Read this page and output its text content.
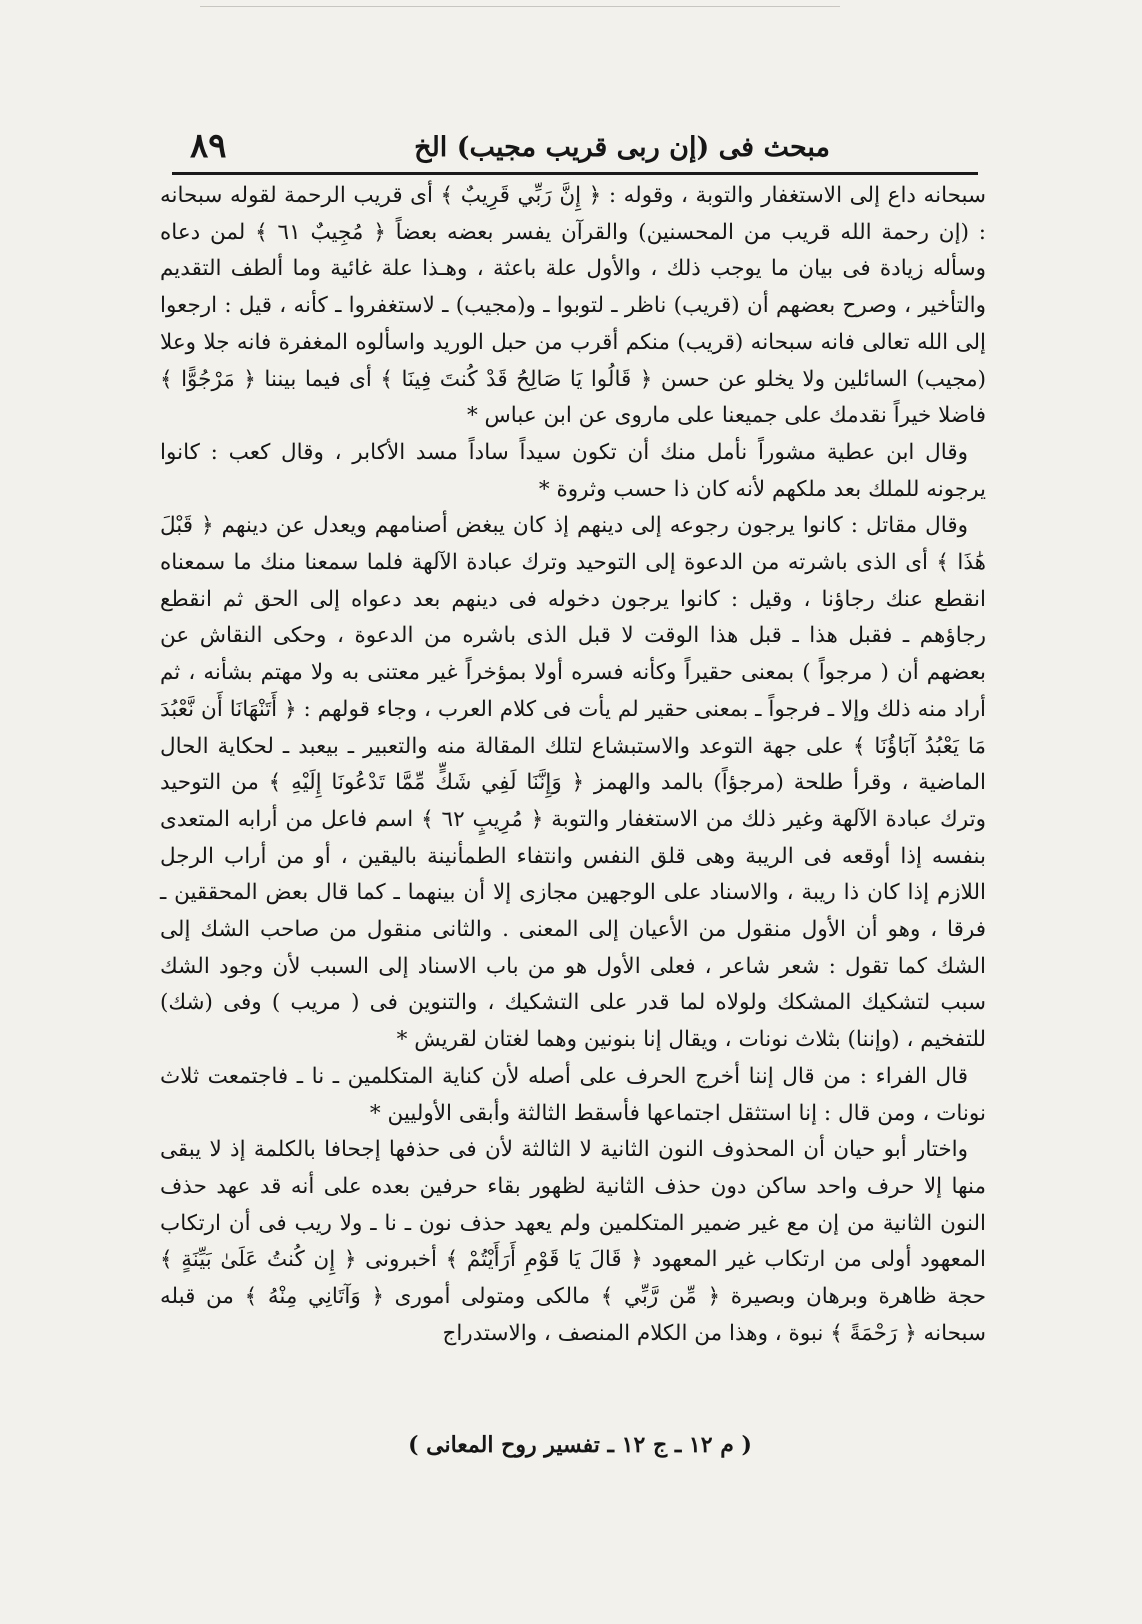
مبحث فى (إن ربى قريب مجيب) الخ
٨٩

سبحانه داع إلى الاستغفار والتوبة ، وقوله : ﴿ إِنَّ رَبِّي قَرِيبٌ ﴾ أى قريب الرحمة لقوله سبحانه : (إن رحمة الله قريب من المحسنين) والقرآن يفسر بعضه بعضاً ﴿ مُجِيبٌ ٦١ ﴾ لمن دعاه وسأله زيادة فى بيان ما يوجب ذلك ، والأول علة باعثة ، وهـذا علة غائية وما ألطف التقديم والتأخير ، وصرح بعضهم أن (قريب) ناظر ـ لتوبوا ـ و(مجيب) ـ لاستغفروا ـ كأنه ، قيل : ارجعوا إلى الله تعالى فانه سبحانه (قريب) منكم أقرب من حبل الوريد واسألوه المغفرة فانه جلا وعلا (مجيب) السائلين ولا يخلو عن حسن ﴿ قَالُوا يَا صَالِحُ قَدْ كُنتَ فِينَا ﴾ أى فيما بيننا ﴿ مَرْجُوًّا ﴾ فاضلا خيراً نقدمك على جميعنا على ماروى عن ابن عباس *

وقال ابن عطية مشوراً نأمل منك أن تكون سيداً ساداً مسد الأكابر ، وقال كعب : كانوا يرجونه للملك بعد ملكهم لأنه كان ذا حسب وثروة *

وقال مقاتل : كانوا يرجون رجوعه إلى دينهم إذ كان يبغض أصنامهم ويعدل عن دينهم ﴿ قَبْلَ هَٰذَا ﴾ أى الذى باشرته من الدعوة إلى التوحيد وترك عبادة الآلهة فلما سمعنا منك ما سمعناه انقطع عنك رجاؤنا ، وقيل : كانوا يرجون دخوله فى دينهم بعد دعواه إلى الحق ثم انقطع رجاؤهم ـ فقبل هذا ـ قبل هذا الوقت لا قبل الذى باشره من الدعوة ، وحكى النقاش عن بعضهم أن ( مرجواً ) بمعنى حقيراً وكأنه فسره أولا بمؤخراً غير معتنى به ولا مهتم بشأنه ، ثم أراد منه ذلك وإلا ـ فرجواً ـ بمعنى حقير لم يأت فى كلام العرب ، وجاء قولهم : ﴿ أَتَنْهَانَا أَن نَّعْبُدَ مَا يَعْبُدُ آبَاؤُنَا ﴾ على جهة التوعد والاستبشاع لتلك المقالة منه والتعبير ـ بيعبد ـ لحكاية الحال الماضية ، وقرأ طلحة (مرجؤاً) بالمد والهمز ﴿ وَإِنَّنَا لَفِي شَكٍّ مِّمَّا تَدْعُونَا إِلَيْهِ ﴾ من التوحيد وترك عبادة الآلهة وغير ذلك من الاستغفار والتوبة ﴿ مُرِيبٍ ٦٢ ﴾ اسم فاعل من أرابه المتعدى بنفسه إذا أوقعه فى الريبة وهى قلق النفس وانتفاء الطمأنينة باليقين ، أو من أراب الرجل اللازم إذا كان ذا ريبة ، والاسناد على الوجهين مجازى إلا أن بينهما ـ كما قال بعض المحققين ـ فرقا ، وهو أن الأول منقول من الأعيان إلى المعنى . والثانى منقول من صاحب الشك إلى الشك كما تقول : شعر شاعر ، فعلى الأول هو من باب الاسناد إلى السبب لأن وجود الشك سبب لتشكيك المشكك ولولاه لما قدر على التشكيك ، والتنوين فى ( مريب ) وفى (شك) للتفخيم ، (وإننا) بثلاث نونات ، ويقال إنا بنونين وهما لغتان لقريش *

قال الفراء : من قال إننا أخرج الحرف على أصله لأن كناية المتكلمين ـ نا ـ فاجتمعت ثلاث نونات ، ومن قال : إنا استثقل اجتماعها فأسقط الثالثة وأبقى الأوليين *

واختار أبو حيان أن المحذوف النون الثانية لا الثالثة لأن فى حذفها إجحافا بالكلمة إذ لا يبقى منها إلا حرف واحد ساكن دون حذف الثانية لظهور بقاء حرفين بعده على أنه قد عهد حذف النون الثانية من إن مع غير ضمير المتكلمين ولم يعهد حذف نون ـ نا ـ ولا ريب فى أن ارتكاب المعهود أولى من ارتكاب غير المعهود ﴿ قَالَ يَا قَوْمِ أَرَأَيْتُمْ ﴾ أخبرونى ﴿ إِن كُنتُ عَلَىٰ بَيِّنَةٍ ﴾ حجة ظاهرة وبرهان وبصيرة ﴿ مِّن رَّبِّي ﴾ مالكى ومتولى أمورى ﴿ وَآتَانِي مِنْهُ ﴾ من قبله سبحانه ﴿ رَحْمَةً ﴾ نبوة ، وهذا من الكلام المنصف ، والاستدراج

( م ١٢ ـ ج ١٢ ـ تفسير روح المعانى )
